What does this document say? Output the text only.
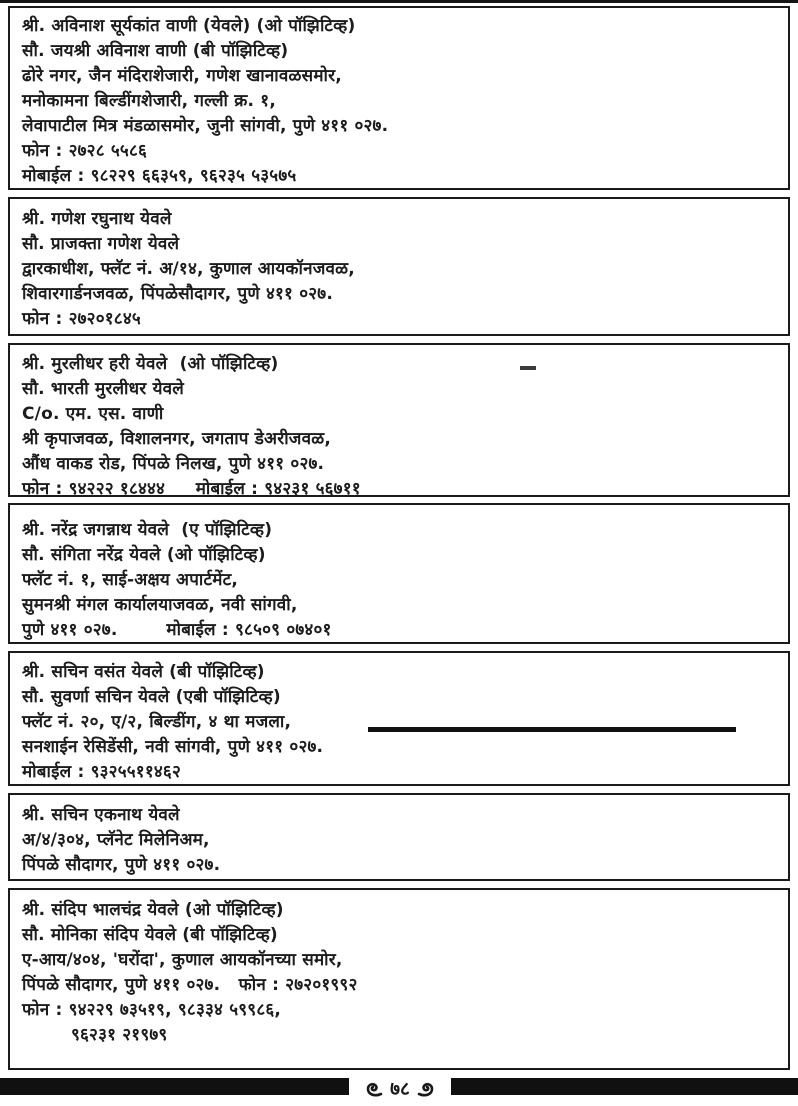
श्री. अविनाश सूर्यकांत वाणी (येवले) (ओ पॉझिटिव्ह)
सौ. जयश्री अविनाश वाणी (बी पॉझिटिव्ह)
ढोरे नगर, जैन मंदिराशेजारी, गणेश खानावळसमोर,
मनोकामना बिल्डींगशेजारी, गल्ली क्र. १,
लेवापाटील मित्र मंडळासमोर, जुनी सांगवी, पुणे ४११ ०२७.
फोन : २७२८ ५५८६
मोबाईल : ९८२२९ ६६३५९, ९६२३५ ५३५७५
श्री. गणेश रघुनाथ येवले
सौ. प्राजक्ता गणेश येवले
द्वारकाधीश, फ्लॅट नं. अ/१४, कुणाल आयकॉनजवळ,
शिवारगार्डनजवळ, पिंपळेसौदागर, पुणे ४११ ०२७.
फोन : २७२०१८४५
श्री. मुरलीधर हरी येवले  (ओ पॉझिटिव्ह)
सौ. भारती मुरलीधर येवले
C/o. एम. एस. वाणी
श्री कृपाजवळ, विशालनगर, जगताप डेअरीजवळ,
औंध वाकड रोड, पिंपळे निलख, पुणे ४११ ०२७.
फोन : ९४२२२ १८४४४     मोबाईल : ९४२३१ ५६७११
श्री. नरेंद्र जगन्नाथ येवले  (ए पॉझिटिव्ह)
सौ. संगिता नरेंद्र येवले (ओ पॉझिटिव्ह)
फ्लॅट नं. १, साई-अक्षय अपार्टमेंट,
सुमनश्री मंगल कार्यालयाजवळ, नवी सांगवी,
पुणे ४११ ०२७.        मोबाईल : ९८५०९ ०७४०१
श्री. सचिन वसंत येवले (बी पॉझिटिव्ह)
सौ. सुवर्णा सचिन येवले (एबी पॉझिटिव्ह)
फ्लॅट नं. २०, ए/२, बिल्डींग, ४ था मजला,
सनशाईन रेसिडेंसी, नवी सांगवी, पुणे ४११ ०२७.
मोबाईल : ९३२५५११४६२
श्री. सचिन एकनाथ येवले
अ/४/३०४, प्लॅनेट मिलेनिअम,
पिंपळे सौदागर, पुणे ४११ ०२७.
श्री. संदिप भालचंद्र येवले (ओ पॉझिटिव्ह)
सौ. मोनिका संदिप येवले (बी पॉझिटिव्ह)
ए-आय/४०४, 'घरोंदा', कुणाल आयकॉनच्या समोर,
पिंपळे सौदागर, पुणे ४११ ०२७.   फोन : २७२०१९९२
फोन : ९४२२९ ७३५१९, ९८३३४ ५९९८६,
९६२३१ २१९७९
७८
